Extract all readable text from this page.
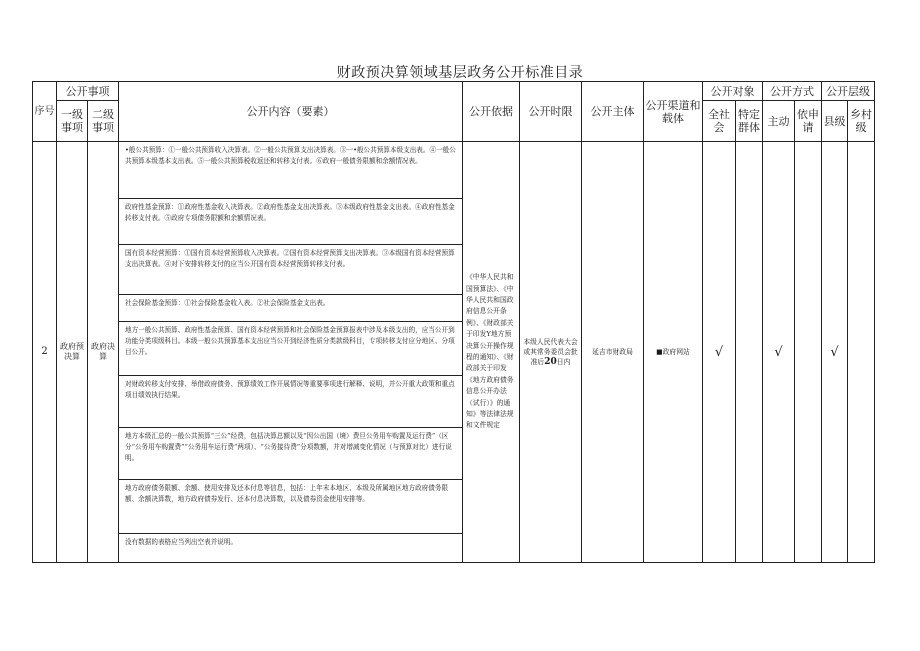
财政预决算领域基层政务公开标准目录
序号	公开事项		公开内容（要素）	公开依据	公开时限	公开主体	公开渠道和载体	公开对象		公开方式		公开层级	
	一级事项	二级事项						全社会	特定群体	主动	依申请	县级	乡村级
2	政府预决算	政府决算	•般公共预算：①一般公共预算收入决算表。②一般公共预算支出决算表。③一•般公共预算本级支出表。④一般公共预算本级基本支出表。⑤一般公共预算税收返还和转移支付表。⑥政府一般债务限额和余额情况表。	《中华人民共和国预算法》、《中华人民共和国政府信息公开条例》、《财政部关于印发Y地方预决算公开操作规程的通知》、《财政部关于印发《地方政府债务信息公开办法（试行）》的通知》等法律法规和文件规定	本级人民代表大会或其常务委员会批准后20日内	延吉市财政局	■政府网站	√		√		√	
			政府性基金预算：①政府性基金收入决算表。②政府性基金支出决算表。③本级政府性基金支出表。④政府性基金转移支付表。⑤政府专项债务限额和余额情况表。										
			国有资本经营预算：①国有资本经营预算收入决算表。②国有资本经营预算支出决算表。③本级国有资本经营预算支出决算表。④对下安排转移支付的应当公开国有资本经营预算转移支付表。										
			社会保险基金预算：①社会保险基金收入表。②社会保险基金支出表。										
			地方一般公共预算、政府性基金预算、国有资本经营预算和社会保险基金预算报表中涉及本级支出的，应当公开到功能分类项级科目。本级一般公共预算基本支出应当公开到经济性质分类款级科目，专项转移支付应分地区、分项目公开。										
			对财政转移支付安排、举借政府债务、预算绩效工作开展情况等重要事项进行解释、说明，并公开重大政策和重点项目绩效执行结果。										
			地方本级汇总的一般公共预算“三公”经费，包括决算总额以及“因公出国（境）费旦公务用车购置及运行费”（区分“公务用车购置费”“公务用车运行费”两项）、“公务接待费”分项数额，并对增减变化情况（与预算对比）进行说明。										
			地方政府债务限额、余额、使用安排及还本付息等信息，包括：上年末本地区、本级及所属地区地方政府债务限额、余额决算数，地方政府债券发行、还本付息决算数，以及债券资金使用安排等。										
			没有数据的表格应当列出空表并说明。										
